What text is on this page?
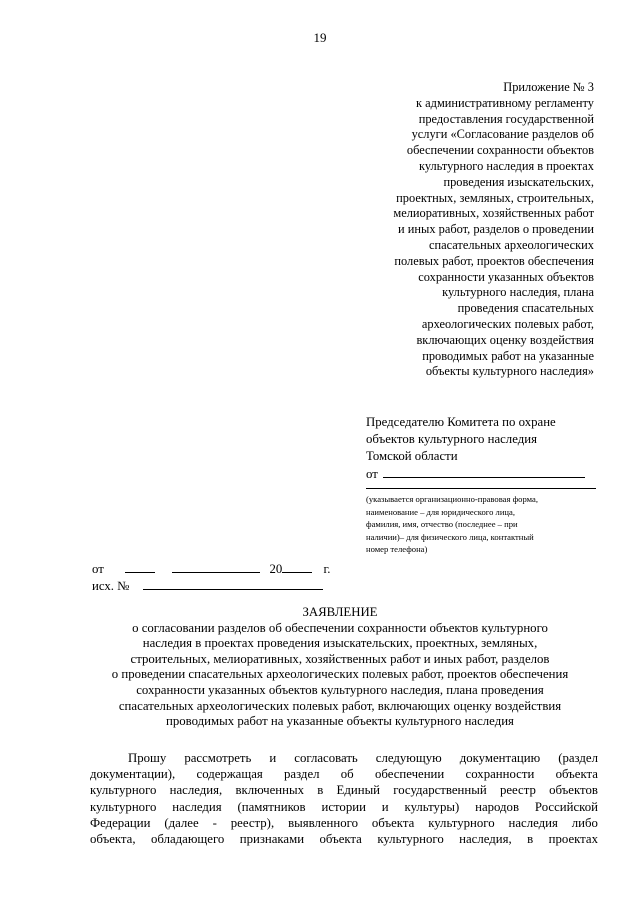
19
Приложение № 3
к административному регламенту
предоставления государственной
услуги «Согласование разделов об
обеспечении сохранности объектов
культурного наследия в проектах
проведения изыскательских,
проектных, земляных, строительных,
мелиоративных, хозяйственных работ
и иных работ, разделов о проведении
спасательных археологических
полевых работ, проектов обеспечения
сохранности указанных объектов
культурного наследия, плана
проведения спасательных
археологических полевых работ,
включающих оценку воздействия
проводимых работ на указанные
объекты культурного наследия»
Председателю Комитета по охране
объектов культурного наследия
Томской области
от
(указывается организационно-правовая форма,
наименование – для юридического лица,
фамилия, имя, отчество (последнее – при
наличии)– для физического лица, контактный
номер телефона)
от	20	г.
исх. №
ЗАЯВЛЕНИЕ
о согласовании разделов об обеспечении сохранности объектов культурного
наследия в проектах проведения изыскательских, проектных, земляных,
строительных, мелиоративных, хозяйственных работ и иных работ, разделов
о проведении спасательных археологических полевых работ, проектов обеспечения
сохранности указанных объектов культурного наследия, плана проведения
спасательных археологических полевых работ, включающих оценку воздействия
проводимых работ на указанные объекты культурного наследия
Прошу рассмотреть и согласовать следующую документацию (раздел
документации), содержащая раздел об обеспечении сохранности объекта
культурного наследия, включенных в Единый государственный реестр объектов
культурного наследия (памятников истории и культуры) народов Российской
Федерации (далее - реестр), выявленного объекта культурного наследия либо
объекта, обладающего признаками объекта культурного наследия, в проектах
